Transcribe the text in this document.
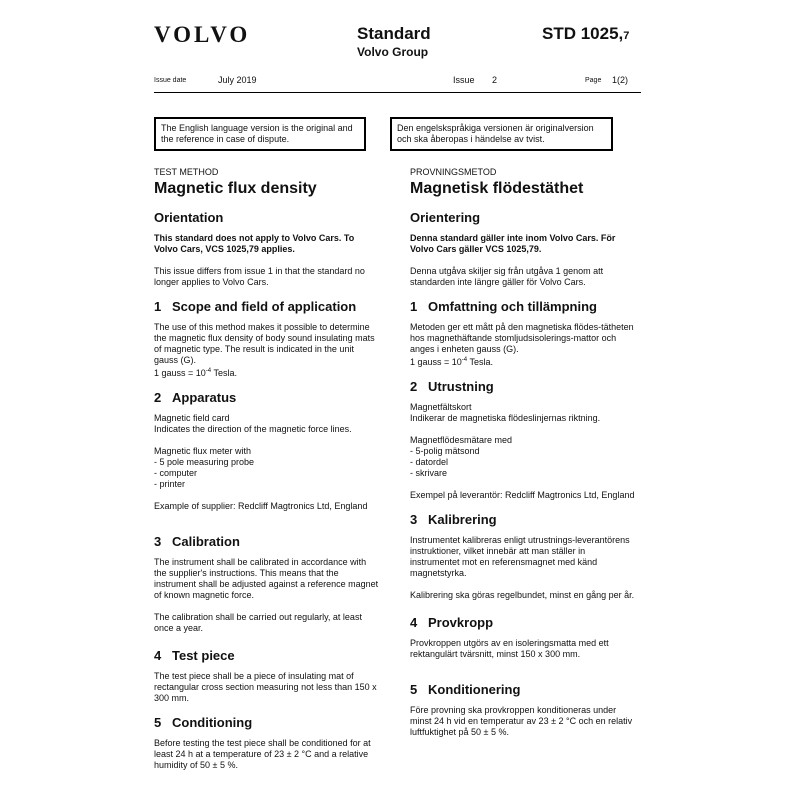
VOLVO	Standard
Volvo Group
STD 1025,7
Issue date	July 2019	Issue 2	Page 1(2)
The English language version is the original and the reference in case of dispute.
Den engelskspråkiga versionen är originalversion och ska åberopas i händelse av tvist.
TEST METHOD
Magnetic flux density
Orientation

This standard does not apply to Volvo Cars. To Volvo Cars, VCS 1025,79 applies.

This issue differs from issue 1 in that the standard no longer applies to Volvo Cars.

1 Scope and field of application

The use of this method makes it possible to determine the magnetic flux density of body sound insulating mats of magnetic type. The result is indicated in the unit gauss (G).

1 gauss = $10^{-4}$ Tesla.

2 Apparatus

Magnetic field card

Indicates the direction of the magnetic force lines.

Magnetic flux meter with

- 5 pole measuring probe
- computer
- printer

Example of supplier: Redcliff Magtronics Ltd, England

3 Calibration

The instrument shall be calibrated in accordance with the supplier's instructions. This means that the instrument shall be adjusted against a reference magnet of known magnetic force.

The calibration shall be carried out regularly, at least once a year.

4 Test piece

The test piece shall be a piece of insulating mat of rectangular cross section measuring not less than 150 x 300 mm.

5 Conditioning

Before testing the test piece shall be conditioned for at least 24 h at a temperature of 23 ± 2 °C and a relative humidity of 50 ± 5 %.

PROVNINGSMETOD
Magnetisk flödestäthet
Orientering

Denna standard gäller inte inom Volvo Cars. För Volvo Cars gäller VCS 1025,79.

Denna utgåva skiljer sig från utgåva 1 genom att standarden inte längre gäller för Volvo Cars.

1 Omfattning och tillämpning

Metoden ger ett mått på den magnetiska flödes-tätheten hos magnethäftande stomljudsisolerings-mattor och anges i enheten gauss (G).

1 gauss = $10^{-4}$ Tesla.

2 Utrustning

Magnetfältskort

Indikerar de magnetiska flödeslinjernas riktning.

Magnetflödesmätare med

- 5-polig mätsond
- datordel
- skrivare

Exempel på leverantör: Redcliff Magtronics Ltd, England

3 Kalibrering

Instrumentet kalibreras enligt utrustnings-leverantörens instruktioner, vilket innebär att man ställer in instrumentet mot en referensmagnet med känd magnetstyrka.

Kalibrering ska göras regelbundet, minst en gång per år.

4 Provkropp

Provkroppen utgörs av en isoleringsmatta med ett rektangulärt tvärsnitt, minst 150 x 300 mm.

5 Konditionering

Före provning ska provkroppen konditioneras under minst 24 h vid en temperatur av 23 ± 2 °C och en relativ luftfuktighet på 50 ± 5 %.
